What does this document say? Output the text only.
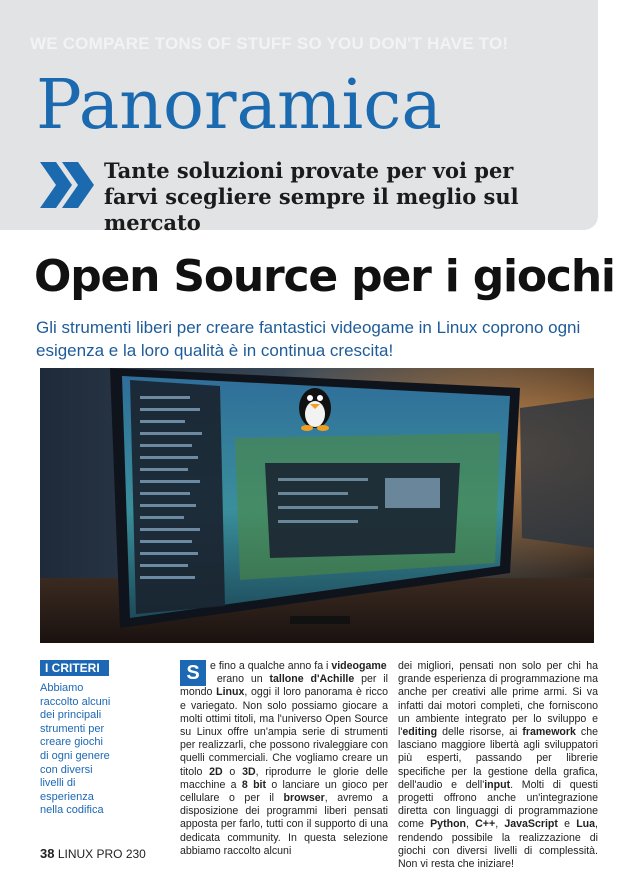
WE COMPARE TONS OF STUFF SO YOU DON'T HAVE TO!
Panoramica
Tante soluzioni provate per voi per farvi scegliere sempre il meglio sul mercato
Open Source per i giochi
Gli strumenti liberi per creare fantastici videogame in Linux coprono ogni esigenza e la loro qualità è in continua crescita!
I CRITERI
Abbiamo raccolto alcuni dei principali strumenti per creare giochi di ogni genere con diversi livelli di esperienza nella codifica
S e fino a qualche anno fa i videogame
erano un tallone d'Achille per il mondo Linux, oggi il loro panorama è ricco e variegato. Non solo possiamo giocare a molti ottimi titoli, ma l'universo Open Source su Linux offre un'ampia serie di strumenti per realizzarli, che possono rivaleggiare con quelli commerciali. Che vogliamo creare un titolo 2D o 3D, riprodurre le glorie delle macchine a 8 bit o lanciare un gioco per cellulare o per il browser, avremo a disposizione dei programmi liberi pensati apposta per farlo, tutti con il supporto di una dedicata community. In questa selezione abbiamo raccolto alcuni
dei migliori, pensati non solo per chi ha grande esperienza di programmazione ma anche per creativi alle prime armi. Si va infatti dai motori completi, che forniscono un ambiente integrato per lo sviluppo e l'editing delle risorse, ai framework che lasciano maggiore libertà agli sviluppatori più esperti, passando per librerie specifiche per la gestione della grafica, dell'audio e dell'input. Molti di questi progetti offrono anche un'integrazione diretta con linguaggi di programmazione come Python, C++, JavaScript e Lua, rendendo possibile la realizzazione di giochi con diversi livelli di complessità. Non vi resta che iniziare!
38 LINUX PRO 230
